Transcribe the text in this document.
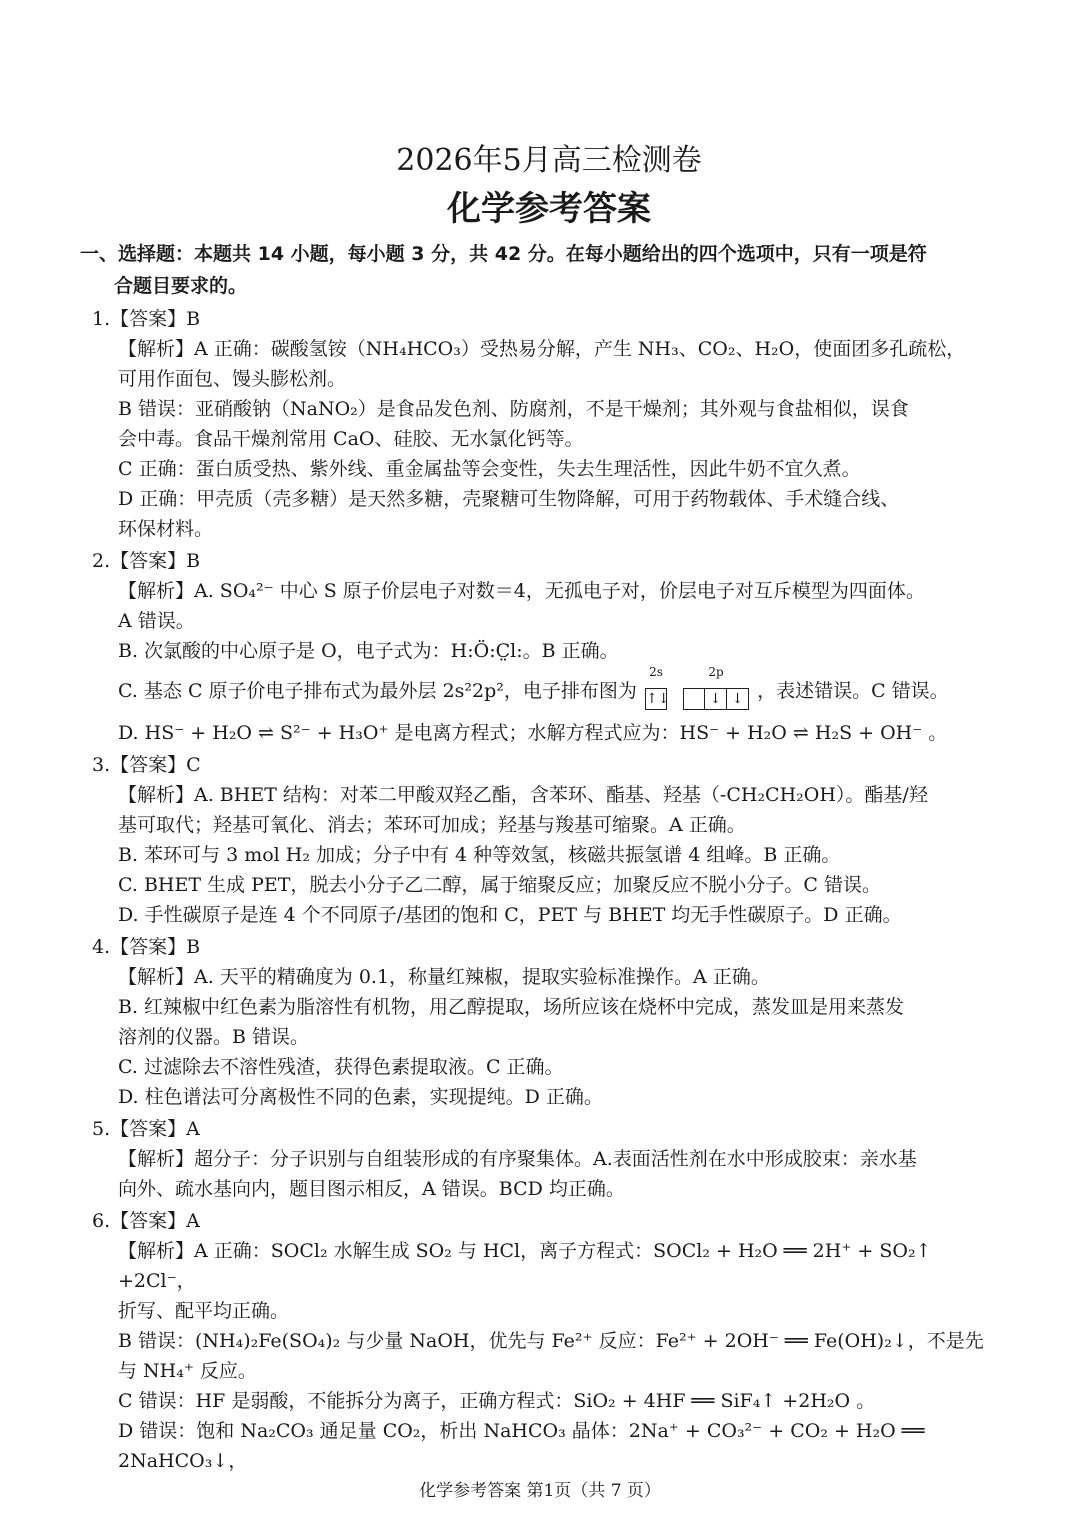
2026年5月高三检测卷
化学参考答案
一、选择题：本题共 14 小题，每小题 3 分，共 42 分。在每小题给出的四个选项中，只有一项是符
合题目要求的。
1.【答案】B

【解析】A 正确：碳酸氢铵（NH₄HCO₃）受热易分解，产生 NH₃、CO₂、H₂O，使面团多孔疏松，

可用作面包、馒头膨松剂。

B 错误：亚硝酸钠（NaNO₂）是食品发色剂、防腐剂，不是干燥剂；其外观与食盐相似，误食

会中毒。食品干燥剂常用 CaO、硅胶、无水氯化钙等。

C 正确：蛋白质受热、紫外线、重金属盐等会变性，失去生理活性，因此牛奶不宜久煮。

D 正确：甲壳质（壳多糖）是天然多糖，壳聚糖可生物降解，可用于药物载体、手术缝合线、

环保材料。

2.【答案】B

【解析】A. SO₄²⁻ 中心 S 原子价层电子对数＝4，无孤电子对，价层电子对互斥模型为四面体。

A 错误。

B. 次氯酸的中心原子是 O，电子式为：H:Ö:C̤l:。B 正确。

C. 基态 C 原子价电子排布式为最外层 2s²2p²，电子排布图为
2s
↑↓
2p
↓ ↓ ，表述错误。C 错误。

D. HS⁻ + H₂O ⇌ S²⁻ + H₃O⁺ 是电离方程式；水解方程式应为：HS⁻ + H₂O ⇌ H₂S + OH⁻ 。

3.【答案】C

【解析】A. BHET 结构：对苯二甲酸双羟乙酯，含苯环、酯基、羟基（-CH₂CH₂OH）。酯基/羟

基可取代；羟基可氧化、消去；苯环可加成；羟基与羧基可缩聚。A 正确。

B. 苯环可与 3 mol H₂ 加成；分子中有 4 种等效氢，核磁共振氢谱 4 组峰。B 正确。

C. BHET 生成 PET，脱去小分子乙二醇，属于缩聚反应；加聚反应不脱小分子。C 错误。

D. 手性碳原子是连 4 个不同原子/基团的饱和 C，PET 与 BHET 均无手性碳原子。D 正确。

4.【答案】B

【解析】A. 天平的精确度为 0.1，称量红辣椒，提取实验标准操作。A 正确。

B. 红辣椒中红色素为脂溶性有机物，用乙醇提取，场所应该在烧杯中完成，蒸发皿是用来蒸发

溶剂的仪器。B 错误。

C. 过滤除去不溶性残渣，获得色素提取液。C 正确。

D. 柱色谱法可分离极性不同的色素，实现提纯。D 正确。

5.【答案】A

【解析】超分子：分子识别与自组装形成的有序聚集体。A.表面活性剂在水中形成胶束：亲水基

向外、疏水基向内，题目图示相反，A 错误。BCD 均正确。

6.【答案】A

【解析】A 正确：SOCl₂ 水解生成 SO₂ 与 HCl，离子方程式：SOCl₂ + H₂O ══ 2H⁺ + SO₂↑ +2Cl⁻，

折写、配平均正确。

B 错误：(NH₄)₂Fe(SO₄)₂ 与少量 NaOH，优先与 Fe²⁺ 反应：Fe²⁺ + 2OH⁻ ══ Fe(OH)₂↓，不是先

与 NH₄⁺ 反应。

C 错误：HF 是弱酸，不能拆分为离子，正确方程式：SiO₂ + 4HF ══ SiF₄↑ +2H₂O 。

D 错误：饱和 Na₂CO₃ 通足量 CO₂，析出 NaHCO₃ 晶体：2Na⁺ + CO₃²⁻ + CO₂ + H₂O ══ 2NaHCO₃↓，

化学参考答案 第1页（共 7 页）
